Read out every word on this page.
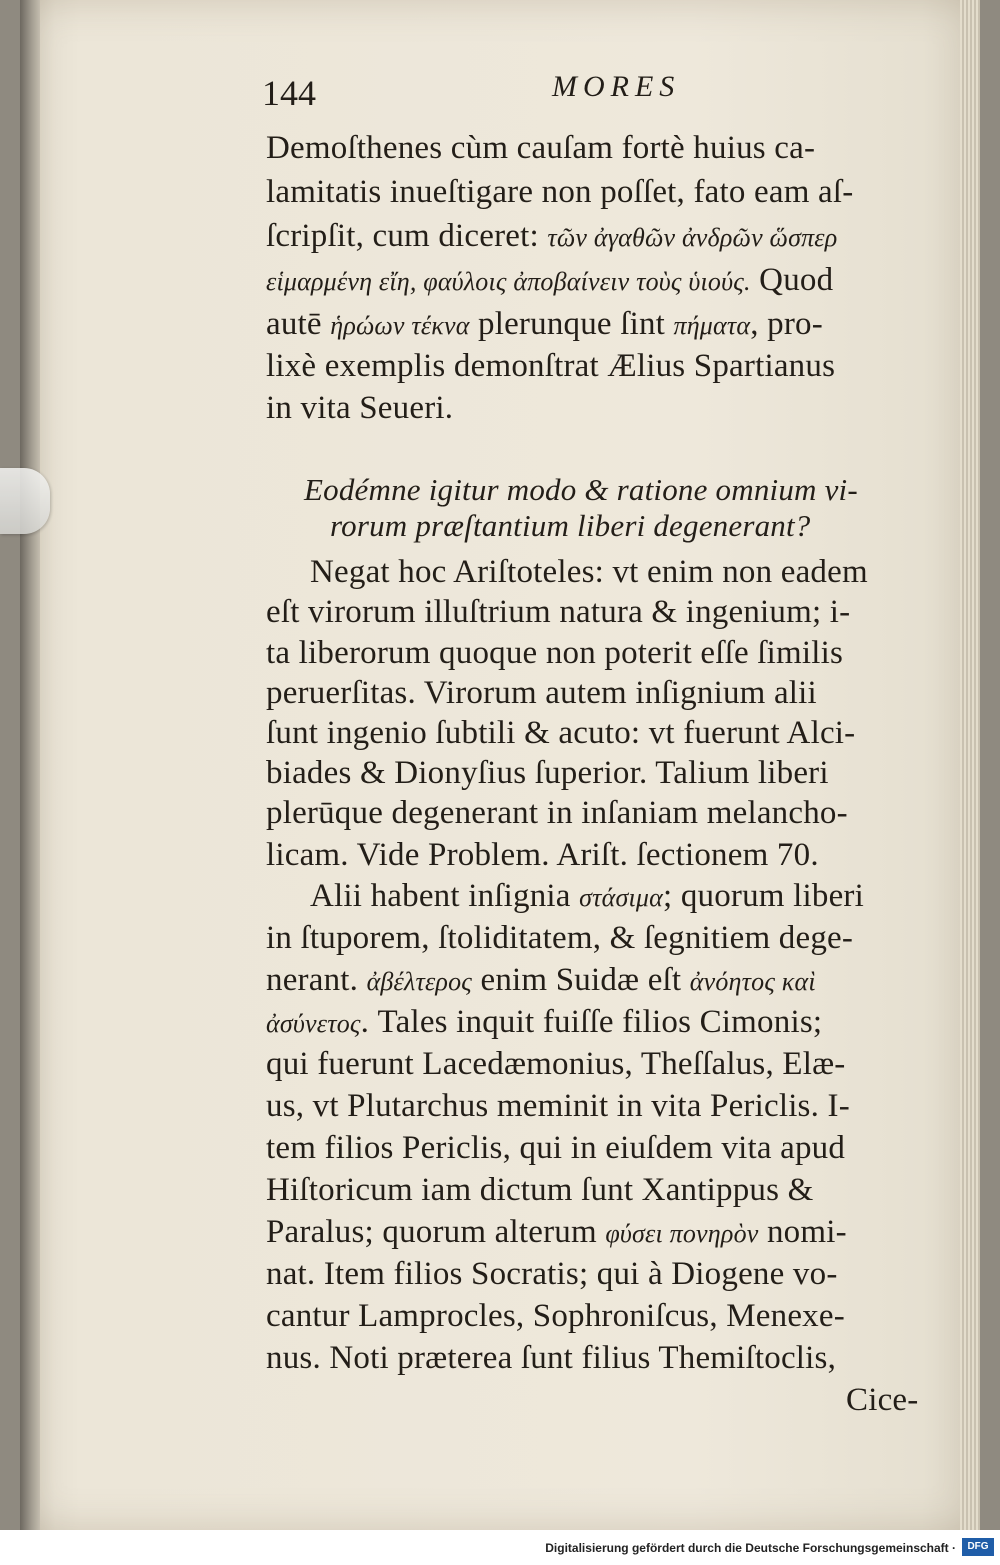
144	MORES
Demoſthenes cùm cauſam fortè huius ca-
lamitatis inueſtigare non poſſet, fato eam aſ-
ſcripſit, cum diceret: τῶν ἀγαθῶν ἀνδρῶν ὥσπερ
εἱμαρμένη εἴη, φαύλοις ἀποβαίνειν τοὺς ὑιούς. Quod
autē ἡρώων τέκνα plerunque ſint πήματα, pro-
lixè exemplis demonſtrat Ælius Spartianus
in vita Seueri.
Eodémne igitur modo & ratione omnium vi-
rorum præſtantium liberi degenerant?
Negat hoc Ariſtoteles: vt enim non eadem
eſt virorum illuſtrium natura & ingenium; i-
ta liberorum quoque non poterit eſſe ſimilis
peruerſitas. Virorum autem inſignium alii
ſunt ingenio ſubtili & acuto: vt fuerunt Alci-
biades & Dionyſius ſuperior. Talium liberi
plerūque degenerant in inſaniam melancho-
licam. Vide Problem. Ariſt. ſectionem 70.
Alii habent inſignia στάσιμα; quorum liberi
in ſtuporem, ſtoliditatem, & ſegnitiem dege-
nerant. ἀβέλτερος enim Suidæ eſt ἀνόητος καὶ
ἀσύνετος. Tales inquit fuiſſe filios Cimonis;
qui fuerunt Lacedæmonius, Theſſalus, Elæ-
us, vt Plutarchus meminit in vita Periclis. I-
tem filios Periclis, qui in eiuſdem vita apud
Hiſtoricum iam dictum ſunt Xantippus &
Paralus; quorum alterum φύσει πονηρὸν nomi-
nat. Item filios Socratis; qui à Diogene vo-
cantur Lamprocles, Sophroniſcus, Menexe-
nus. Noti præterea ſunt filius Themiſtoclis,
Cice-
Digitalisierung gefördert durch die Deutsche Forschungsgemeinschaft ·	DFG
